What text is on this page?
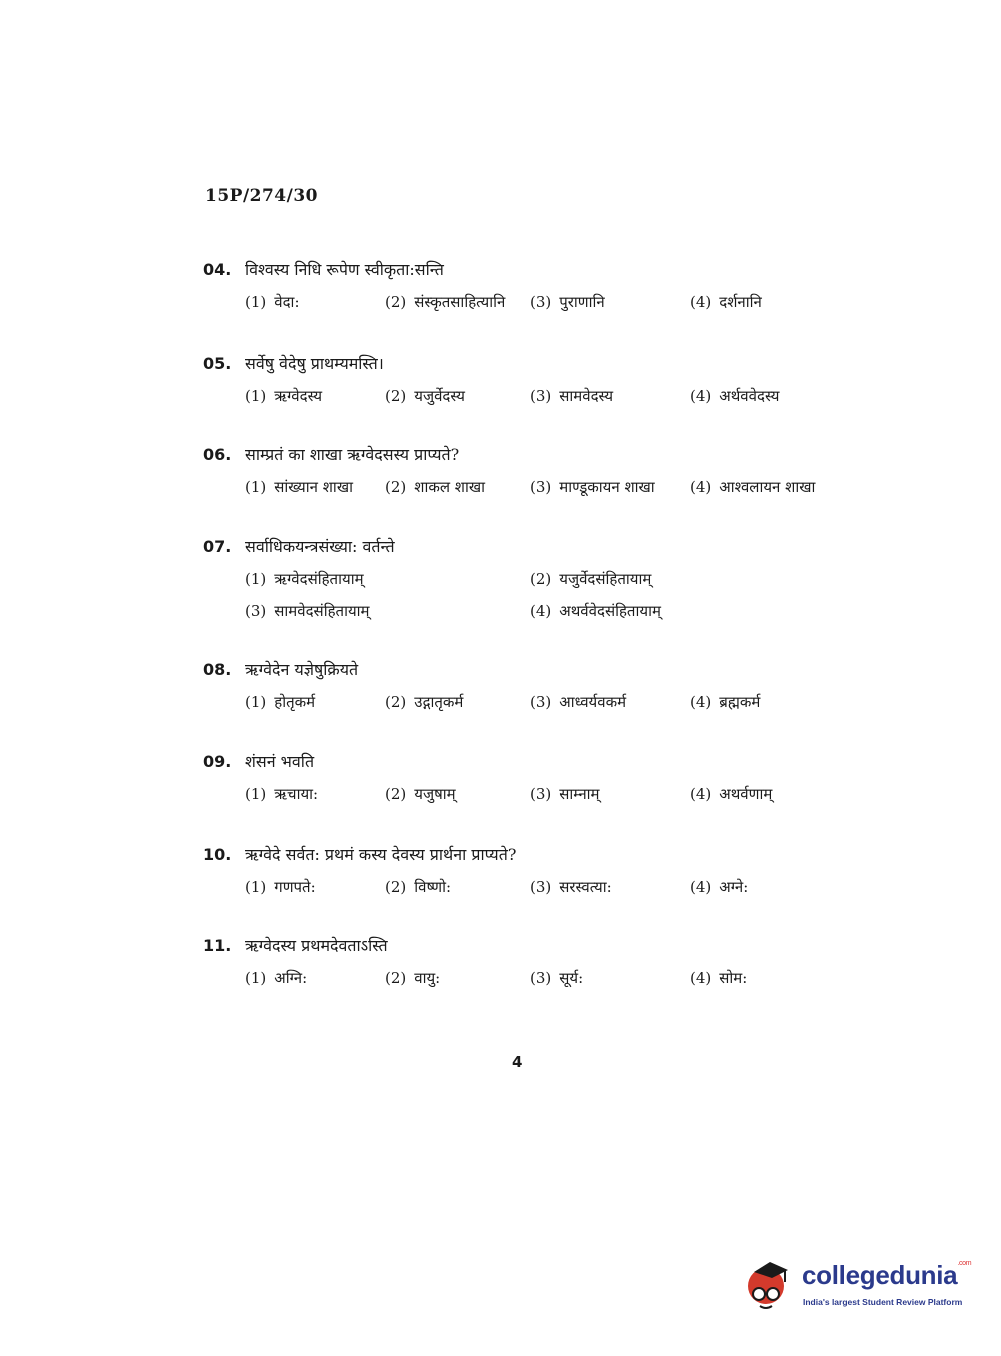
15P/274/30
04. विश्वस्य निधि रूपेण स्वीकृता:सन्ति
(1) वेदा:	(2) संस्कृतसाहित्यानि (3) पुराणानि	(4) दर्शनानि
05. सर्वेषु वेदेषु प्राथम्यमस्ति।
(1) ऋग्वेदस्य	(2) यजुर्वेदस्य	(3) सामवेदस्य	(4) अर्थववेदस्य
06. साम्प्रतं का शाखा ऋग्वेदसस्य प्राप्यते?
(1) सांख्यान शाखा (2) शाकल शाखा	(3) माण्डूकायन शाखा (4) आश्वलायन शाखा
07. सर्वाधिकयन्त्रसंख्या: वर्तन्ते
(1) ऋग्वेदसंहितायाम्	(2) यजुर्वेदसंहितायाम्
(3) सामवेदसंहितायाम्	(4) अथर्ववेदसंहितायाम्
08. ऋग्वेदेन यज्ञेषुक्रियते
(1) होतृकर्म	(2) उद्गातृकर्म	(3) आध्वर्यवकर्म	(4) ब्रह्मकर्म
09. शंसनं भवति
(1) ऋचाया:	(2) यजुषाम्	(3) साम्नाम्	(4) अथर्वणाम्
10. ऋग्वेदे सर्वत: प्रथमं कस्य देवस्य प्रार्थना प्राप्यते?
(1) गणपते:	(2) विष्णो:	(3) सरस्वत्या:	(4) अग्ने:
11. ऋग्वेदस्य प्रथमदेवताऽस्ति
(1) अग्नि:	(2) वायु:	(3) सूर्य:	(4) सोम:
4
collegedunia$^{.com}$
India's largest Student Review Platform
